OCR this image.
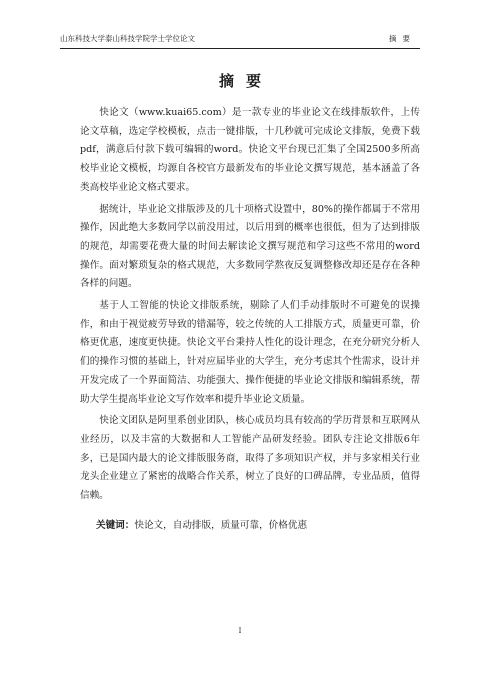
山东科技大学泰山科技学院学士学位论文	摘要
摘要

快论文（www.kuai65.com）是一款专业的毕业论文在线排版软件，上传论文草稿，选定学校模板，点击一键排版，十几秒就可完成论文排版，免费下载pdf，满意后付款下载可编辑的word。快论文平台现已汇集了全国2500多所高校毕业论文模板，均源自各校官方最新发布的毕业论文撰写规范，基本涵盖了各类高校毕业论文格式要求。

据统计，毕业论文排版涉及的几十项格式设置中，80%的操作都属于不常用操作，因此绝大多数同学以前没用过，以后用到的概率也很低，但为了达到排版的规范，却需要花费大量的时间去解读论文撰写规范和学习这些不常用的word操作。面对繁琐复杂的格式规范，大多数同学熬夜反复调整修改却还是存在各种各样的问题。

基于人工智能的快论文排版系统，剔除了人们手动排版时不可避免的误操作，和由于视觉疲劳导致的错漏等，较之传统的人工排版方式，质量更可靠，价格更优惠，速度更快捷。快论文平台秉持人性化的设计理念，在充分研究分析人们的操作习惯的基础上，针对应届毕业的大学生，充分考虑其个性需求，设计并开发完成了一个界面简洁、功能强大、操作便捷的毕业论文排版和编辑系统，帮助大学生提高毕业论文写作效率和提升毕业论文质量。

快论文团队是阿里系创业团队，核心成员均具有较高的学历背景和互联网从业经历，以及丰富的大数据和人工智能产品研发经验。团队专注论文排版6年多，已是国内最大的论文排版服务商，取得了多项知识产权，并与多家相关行业龙头企业建立了紧密的战略合作关系，树立了良好的口碑品牌，专业品质，值得信赖。

关键词：快论文，自动排版，质量可靠，价格优惠
I
